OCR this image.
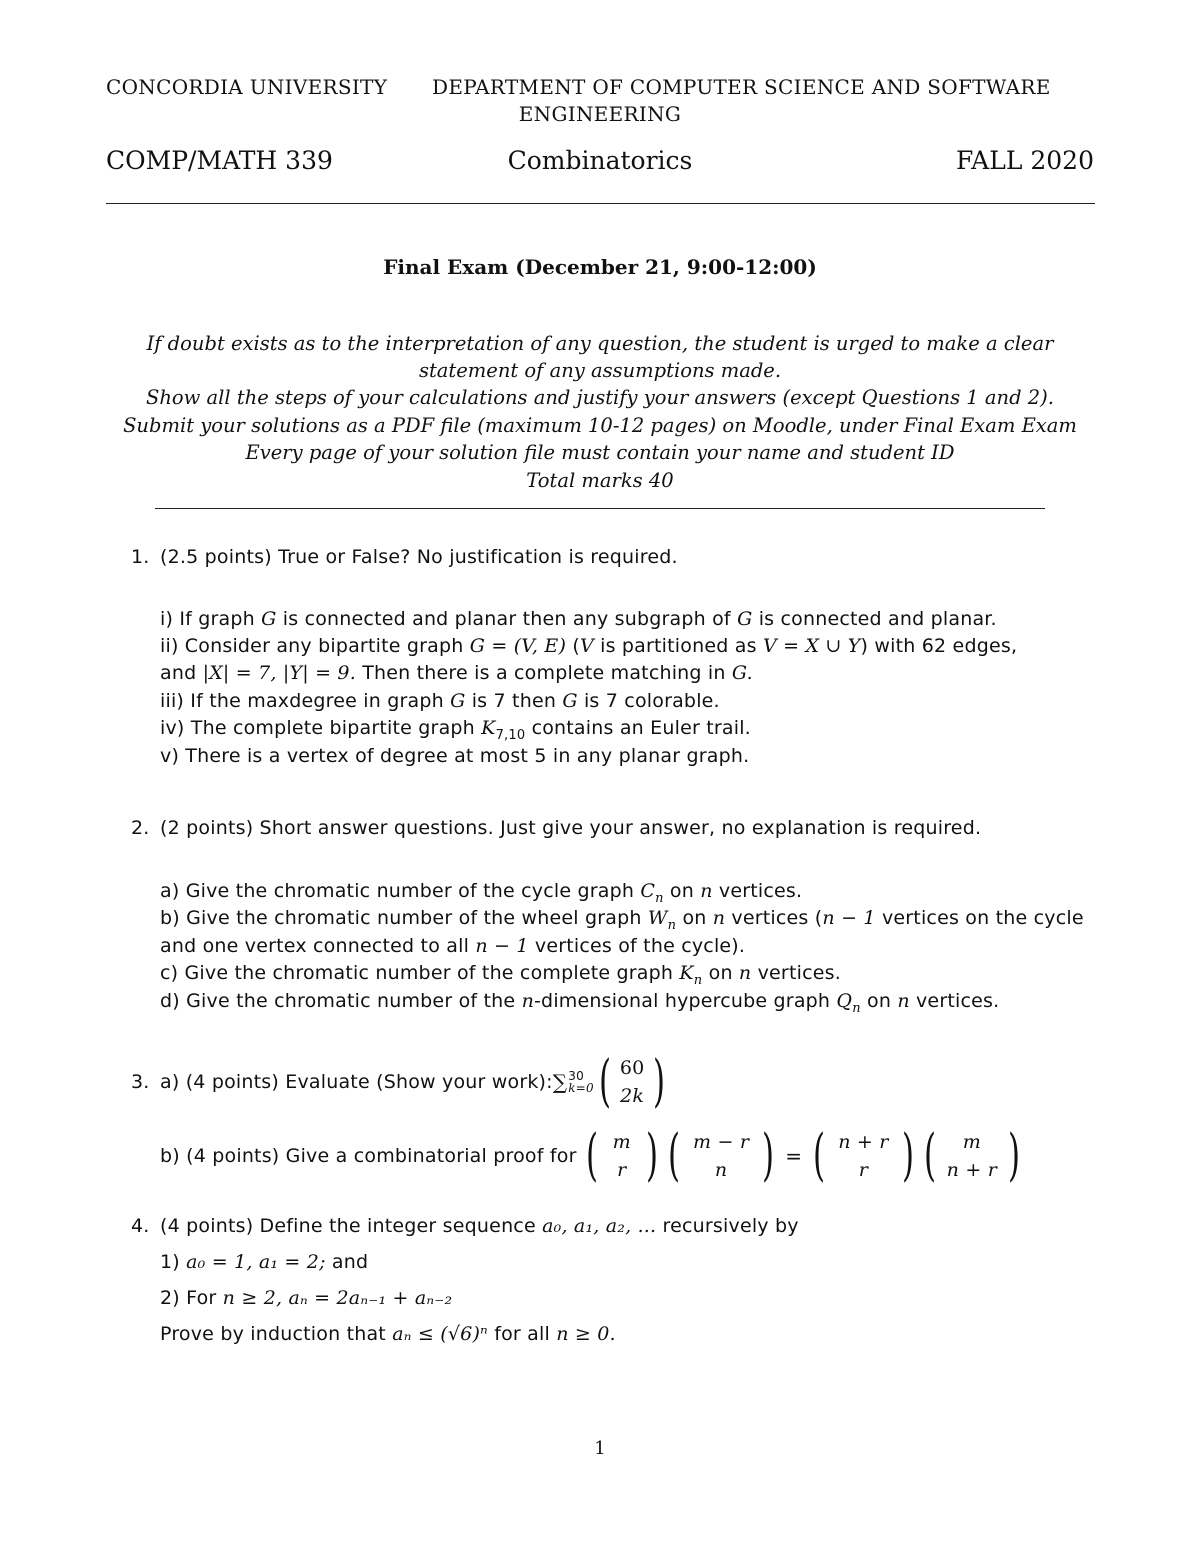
CONCORDIA UNIVERSITY DEPARTMENT OF COMPUTER SCIENCE AND SOFTWARE
ENGINEERING
COMP/MATH 339	Combinatorics	FALL 2020
Final Exam (December 21, 9:00-12:00)
If doubt exists as to the interpretation of any question, the student is urged to make a clear
statement of any assumptions made.
Show all the steps of your calculations and justify your answers (except Questions 1 and 2).
Submit your solutions as a PDF file (maximum 10-12 pages) on Moodle, under Final Exam Exam
Every page of your solution file must contain your name and student ID
Total marks 40
1. (2.5 points) True or False? No justification is required.
i) If graph G is connected and planar then any subgraph of G is connected and planar.
ii) Consider any bipartite graph G = (V, E) (V is partitioned as V = X ∪ Y) with 62 edges,
and |X| = 7, |Y| = 9. Then there is a complete matching in G.
iii) If the maxdegree in graph G is 7 then G is 7 colorable.
iv) The complete bipartite graph $K_{7,10}$ contains an Euler trail.
v) There is a vertex of degree at most 5 in any planar graph.
2. (2 points) Short answer questions. Just give your answer, no explanation is required.
a) Give the chromatic number of the cycle graph $C_n$ on n vertices.
b) Give the chromatic number of the wheel graph $W_n$ on n vertices (n − 1 vertices on the cycle
and one vertex connected to all n − 1 vertices of the cycle).
c) Give the chromatic number of the complete graph $K_n$ on n vertices.
d) Give the chromatic number of the n-dimensional hypercube graph $Q_n$ on n vertices.
3. a) (4 points) Evaluate (Show your work): ∑ 30
k=0 ( 60
2k )
b) (4 points) Give a combinatorial proof for ( m
r ) ( m − r
n ) = ( n + r
r ) ( m
n + r )
4. (4 points) Define the integer sequence a₀, a₁, a₂, ... recursively by
1) a₀ = 1, a₁ = 2; and
2) For n ≥ 2, aₙ = 2aₙ₋₁ + aₙ₋₂
Prove by induction that aₙ ≤ (√6)ⁿ for all n ≥ 0.
1
